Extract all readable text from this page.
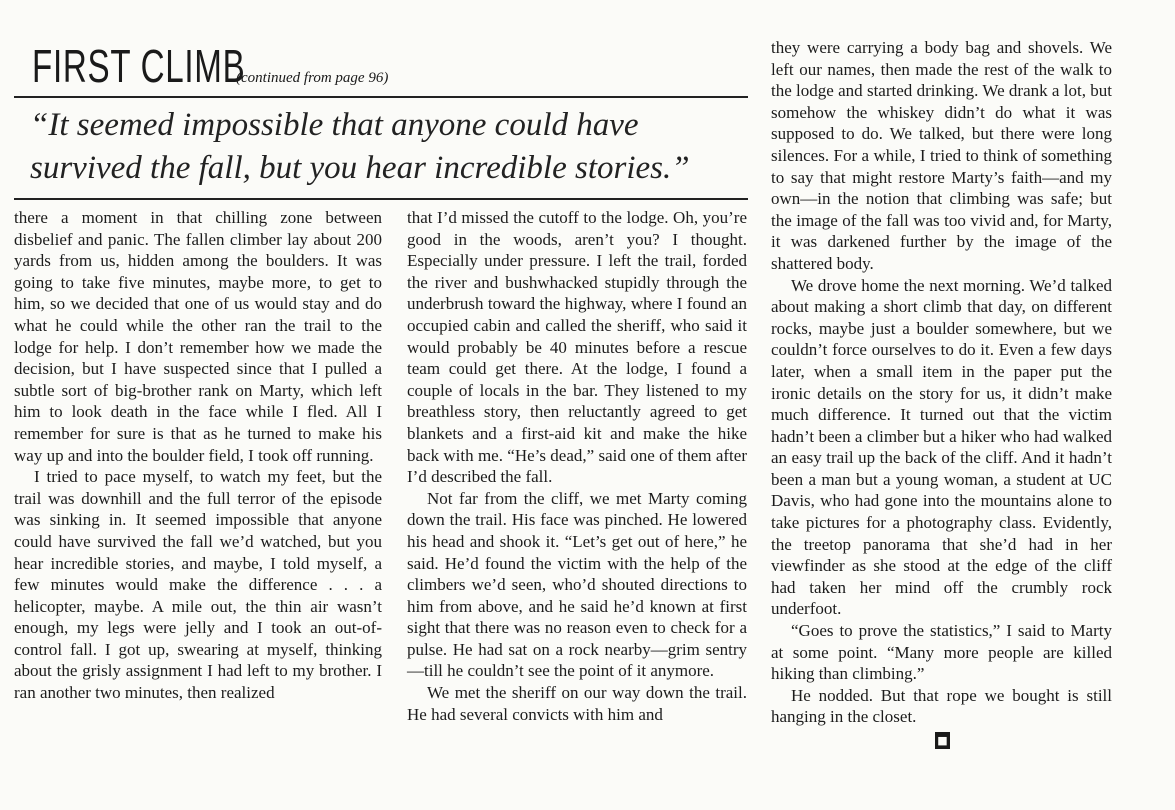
FIRST CLIMB
(continued from page 96)
“It seemed impossible that anyone could have survived the fall, but you hear incredible stories.”

there a moment in that chilling zone between disbelief and panic. The fallen climber lay about 200 yards from us, hidden among the boulders. It was going to take five minutes, maybe more, to get to him, so we decided that one of us would stay and do what he could while the other ran the trail to the lodge for help. I don’t remember how we made the decision, but I have suspected since that I pulled a subtle sort of big-brother rank on Marty, which left him to look death in the face while I fled. All I remember for sure is that as he turned to make his way up and into the boulder field, I took off running.

I tried to pace myself, to watch my feet, but the trail was downhill and the full terror of the episode was sinking in. It seemed impossible that anyone could have survived the fall we’d watched, but you hear incredible stories, and maybe, I told myself, a few minutes would make the difference . . . a helicopter, maybe. A mile out, the thin air wasn’t enough, my legs were jelly and I took an out-of-control fall. I got up, swearing at myself, thinking about the grisly assignment I had left to my brother. I ran another two minutes, then realized

that I’d missed the cutoff to the lodge. Oh, you’re good in the woods, aren’t you? I thought. Especially under pressure. I left the trail, forded the river and bushwhacked stupidly through the underbrush toward the highway, where I found an occupied cabin and called the sheriff, who said it would probably be 40 minutes before a rescue team could get there. At the lodge, I found a couple of locals in the bar. They listened to my breathless story, then reluctantly agreed to get blankets and a first-aid kit and make the hike back with me. “He’s dead,” said one of them after I’d described the fall.

Not far from the cliff, we met Marty coming down the trail. His face was pinched. He lowered his head and shook it. “Let’s get out of here,” he said. He’d found the victim with the help of the climbers we’d seen, who’d shouted directions to him from above, and he said he’d known at first sight that there was no reason even to check for a pulse. He had sat on a rock nearby—grim sentry—till he couldn’t see the point of it anymore.

We met the sheriff on our way down the trail. He had several convicts with him and

they were carrying a body bag and shovels. We left our names, then made the rest of the walk to the lodge and started drinking. We drank a lot, but somehow the whiskey didn’t do what it was supposed to do. We talked, but there were long silences. For a while, I tried to think of something to say that might restore Marty’s faith—and my own—in the notion that climbing was safe; but the image of the fall was too vivid and, for Marty, it was darkened further by the image of the shattered body.

We drove home the next morning. We’d talked about making a short climb that day, on different rocks, maybe just a boulder somewhere, but we couldn’t force ourselves to do it. Even a few days later, when a small item in the paper put the ironic details on the story for us, it didn’t make much difference. It turned out that the victim hadn’t been a climber but a hiker who had walked an easy trail up the back of the cliff. And it hadn’t been a man but a young woman, a student at UC Davis, who had gone into the mountains alone to take pictures for a photography class. Evidently, the treetop panorama that she’d had in her viewfinder as she stood at the edge of the cliff had taken her mind off the crumbly rock underfoot.

“Goes to prove the statistics,” I said to Marty at some point. “Many more people are killed hiking than climbing.”

He nodded. But that rope we bought is still hanging in the closet.

■
